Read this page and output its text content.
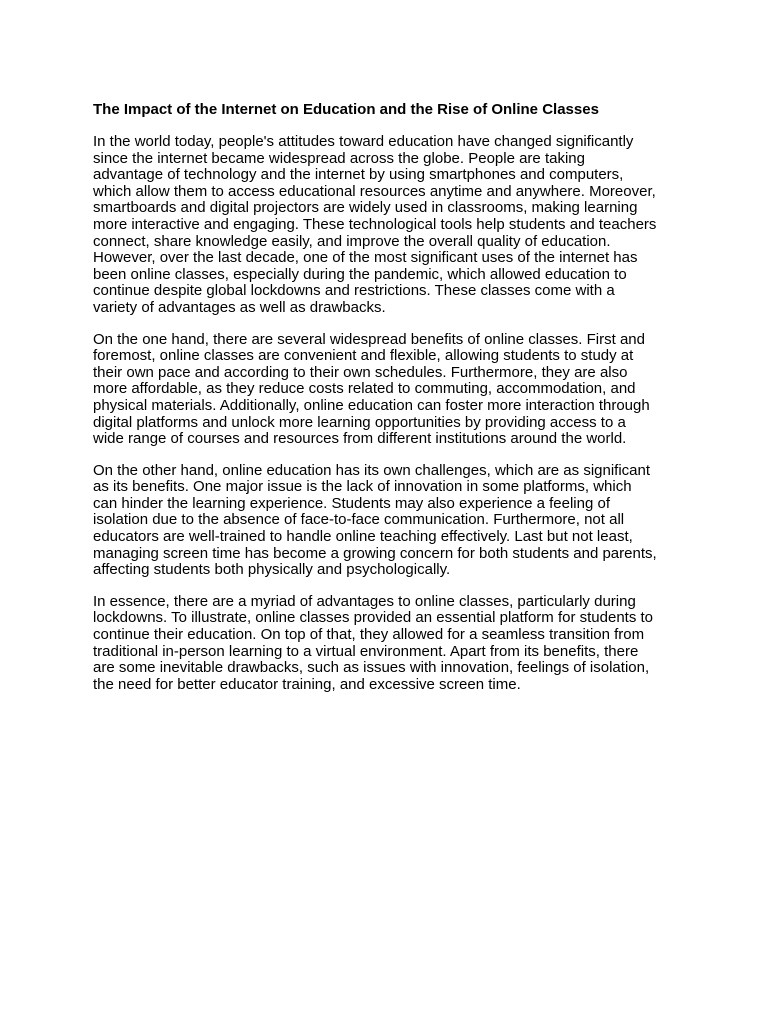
The Impact of the Internet on Education and the Rise of Online Classes

In the world today, people's attitudes toward education have changed significantly
since the internet became widespread across the globe. People are taking
advantage of technology and the internet by using smartphones and computers,
which allow them to access educational resources anytime and anywhere. Moreover,
smartboards and digital projectors are widely used in classrooms, making learning
more interactive and engaging. These technological tools help students and teachers
connect, share knowledge easily, and improve the overall quality of education.
However, over the last decade, one of the most significant uses of the internet has
been online classes, especially during the pandemic, which allowed education to
continue despite global lockdowns and restrictions. These classes come with a
variety of advantages as well as drawbacks.

On the one hand, there are several widespread benefits of online classes. First and
foremost, online classes are convenient and flexible, allowing students to study at
their own pace and according to their own schedules. Furthermore, they are also
more affordable, as they reduce costs related to commuting, accommodation, and
physical materials. Additionally, online education can foster more interaction through
digital platforms and unlock more learning opportunities by providing access to a
wide range of courses and resources from different institutions around the world.

On the other hand, online education has its own challenges, which are as significant
as its benefits. One major issue is the lack of innovation in some platforms, which
can hinder the learning experience. Students may also experience a feeling of
isolation due to the absence of face-to-face communication. Furthermore, not all
educators are well-trained to handle online teaching effectively. Last but not least,
managing screen time has become a growing concern for both students and parents,
affecting students both physically and psychologically.

In essence, there are a myriad of advantages to online classes, particularly during
lockdowns. To illustrate, online classes provided an essential platform for students to
continue their education. On top of that, they allowed for a seamless transition from
traditional in-person learning to a virtual environment. Apart from its benefits, there
are some inevitable drawbacks, such as issues with innovation, feelings of isolation,
the need for better educator training, and excessive screen time.
